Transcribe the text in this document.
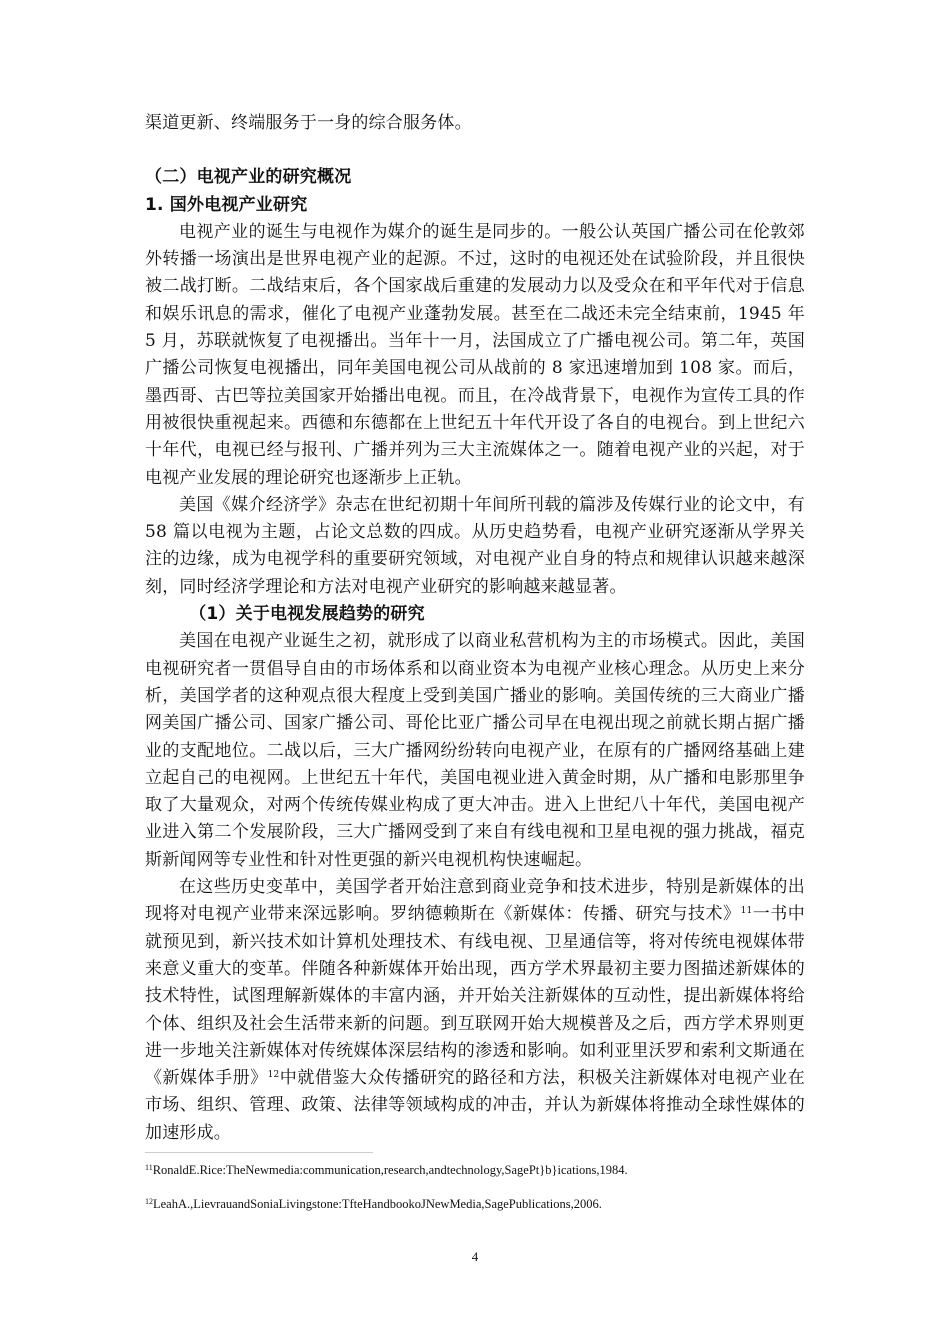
渠道更新、终端服务于一身的综合服务体。

（二）电视产业的研究概况

1. 国外电视产业研究

电视产业的诞生与电视作为媒介的诞生是同步的。一般公认英国广播公司在伦敦郊外转播一场演出是世界电视产业的起源。不过，这时的电视还处在试验阶段，并且很快被二战打断。二战结束后，各个国家战后重建的发展动力以及受众在和平年代对于信息和娱乐讯息的需求，催化了电视产业蓬勃发展。甚至在二战还未完全结束前，1945 年 5 月，苏联就恢复了电视播出。当年十一月，法国成立了广播电视公司。第二年，英国广播公司恢复电视播出，同年美国电视公司从战前的 8 家迅速增加到 108 家。而后，墨西哥、古巴等拉美国家开始播出电视。而且，在冷战背景下，电视作为宣传工具的作用被很快重视起来。西德和东德都在上世纪五十年代开设了各自的电视台。到上世纪六十年代，电视已经与报刊、广播并列为三大主流媒体之一。随着电视产业的兴起，对于电视产业发展的理论研究也逐渐步上正轨。

美国《媒介经济学》杂志在世纪初期十年间所刊载的篇涉及传媒行业的论文中，有 58 篇以电视为主题，占论文总数的四成。从历史趋势看，电视产业研究逐渐从学界关注的边缘，成为电视学科的重要研究领域，对电视产业自身的特点和规律认识越来越深刻，同时经济学理论和方法对电视产业研究的影响越来越显著。

（1）关于电视发展趋势的研究

美国在电视产业诞生之初，就形成了以商业私营机构为主的市场模式。因此，美国电视研究者一贯倡导自由的市场体系和以商业资本为电视产业核心理念。从历史上来分析，美国学者的这种观点很大程度上受到美国广播业的影响。美国传统的三大商业广播网美国广播公司、国家广播公司、哥伦比亚广播公司早在电视出现之前就长期占据广播业的支配地位。二战以后，三大广播网纷纷转向电视产业，在原有的广播网络基础上建立起自己的电视网。上世纪五十年代，美国电视业进入黄金时期，从广播和电影那里争取了大量观众，对两个传统传媒业构成了更大冲击。进入上世纪八十年代，美国电视产业进入第二个发展阶段，三大广播网受到了来自有线电视和卫星电视的强力挑战，福克斯新闻网等专业性和针对性更强的新兴电视机构快速崛起。

在这些历史变革中，美国学者开始注意到商业竞争和技术进步，特别是新媒体的出现将对电视产业带来深远影响。罗纳德赖斯在《新媒体：传播、研究与技术》$^{11}$一书中就预见到，新兴技术如计算机处理技术、有线电视、卫星通信等，将对传统电视媒体带来意义重大的变革。伴随各种新媒体开始出现，西方学术界最初主要力图描述新媒体的技术特性，试图理解新媒体的丰富内涵，并开始关注新媒体的互动性，提出新媒体将给个体、组织及社会生活带来新的问题。到互联网开始大规模普及之后，西方学术界则更进一步地关注新媒体对传统媒体深层结构的渗透和影响。如利亚里沃罗和索利文斯通在《新媒体手册》$^{12}$中就借鉴大众传播研究的路径和方法，积极关注新媒体对电视产业在市场、组织、管理、政策、法律等领域构成的冲击，并认为新媒体将推动全球性媒体的加速形成。

$^{11}$RonaldE.Rice:TheNewmedia:communication,research,andtechnology,SagePt}b}ications,1984.
$^{12}$LeahA.,LievrauandSoniaLivingstone:TfteHandbookoJNewMedia,SagePublications,2006.
4
